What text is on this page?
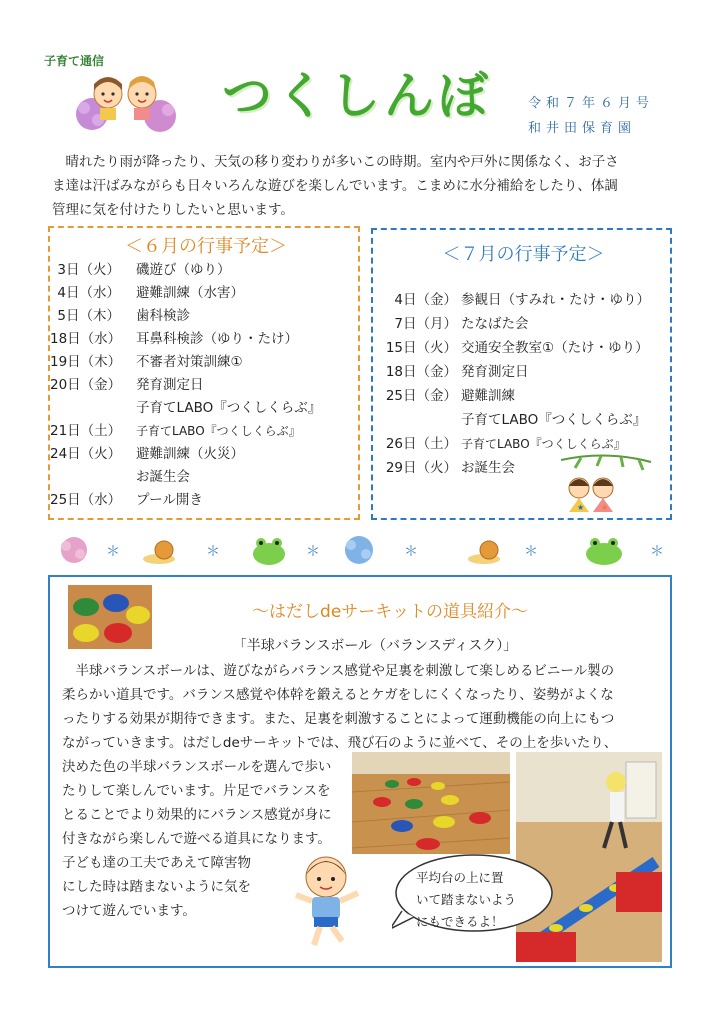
子育て通信
つくしんぼ	令和７年６月号
和井田保育園

晴れたり雨が降ったり、天気の移り変わりが多いこの時期。室内や戸外に関係なく、お子さ

ま達は汗ばみながらも日々いろんな遊びを楽しんでいます。こまめに水分補給をしたり、体調
管理に気を付けたりしたいと思います。
＜６月の行事予定＞
3日（火） 磯遊び（ゆり）
4日（水） 避難訓練（水害）
5日（木） 歯科検診
18日（水） 耳鼻科検診（ゆり・たけ）
19日（木） 不審者対策訓練①
20日（金） 発育測定日
子育てLABO『つくしくらぶ』
21日（土） 子育てLABO『つくしくらぶ』
24日（火） 避難訓練（火災）
お誕生会
25日（水） プール開き
＜７月の行事予定＞
4日（金） 参観日（すみれ・たけ・ゆり）
7日（月） たなばた会
15日（火） 交通安全教室①（たけ・ゆり）
18日（金） 発育測定日
25日（金） 避難訓練
子育てLABO『つくしくらぶ』
26日（土） 子育てLABO『つくしくらぶ』
29日（火） お誕生会
★ ★
＊	＊	＊	＊	＊	＊
～はだしdeサーキットの道具紹介～
「半球バランスボール（バランスディスク）」
　半球バランスボールは、遊びながらバランス感覚や足裏を刺激して楽しめるビニール製の
柔らかい道具です。バランス感覚や体幹を鍛えるとケガをしにくくなったり、姿勢がよくな
ったりする効果が期待できます。また、足裏を刺激することによって運動機能の向上にもつ
ながっていきます。はだしdeサーキットでは、飛び石のように並べて、その上を歩いたり、
決めた色の半球バランスボールを選んで歩い
たりして楽しんでいます。片足でバランスを
とることでより効果的にバランス感覚が身に
付きながら楽しんで遊べる道具になります。
子ども達の工夫であえて障害物
にした時は踏まないように気を
つけて遊んでいます。
平均台の上に置
いて踏まないよう
にもできるよ！
